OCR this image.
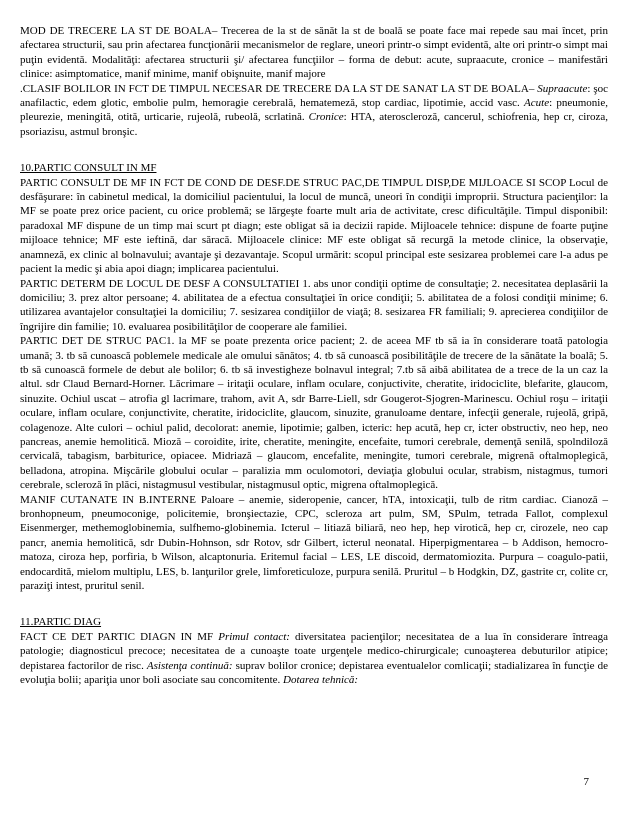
MOD DE TRECERE LA ST DE BOALA– Trecerea de la st de sănăt la st de boală se poate face mai repede sau mai încet, prin afectarea structurii, sau prin afectarea funcţionării mecanismelor de reglare, uneori printr-o simpt evidentă, alte ori printr-o simpt mai puţin evidentă. Modalităţi: afectarea structurii şi/ afectarea funcţiilor – forma de debut: acute, supraacute, cronice – manifestări clinice: asimptomatice, manif minime, manif obişnuite, manif majore

.CLASIF BOLILOR IN FCT DE TIMPUL NECESAR DE TRECERE DA LA ST DE SANAT LA ST DE BOALA– Supraacute: şoc anafilactic, edem glotic, embolie pulm, hemoragie cerebrală, hematemeză, stop cardiac, lipotimie, accid vasc. Acute: pneumonie, pleurezie, meningită, otită, urticarie, rujeolă, rubeolă, scrlatină. Cronice: HTA, ateroscleroză, cancerul, schiofrenia, hep cr, ciroza, psoriazisu, astmul bronşic.

10.PARTIC CONSULT IN MF

PARTIC CONSULT DE MF IN FCT DE COND DE DESF.DE STRUC PAC,DE TIMPUL DISP,DE MIJLOACE SI SCOP Locul de desfăşurare: în cabinetul medical, la domiciliul pacientului, la locul de muncă, uneori în condiţii improprii. Structura pacienţilor: la MF se poate prez orice pacient, cu orice problemă; se lărgeşte foarte mult aria de activitate, cresc dificultăţile. Timpul disponibil: paradoxal MF dispune de un timp mai scurt pt diagn; este obligat să ia decizii rapide. Mijloacele tehnice: dispune de foarte puţine mijloace tehnice; MF este ieftină, dar săracă. Mijloacele clinice: MF este obligat să recurgă la metode clinice, la observaţie, anamneză, ex clinic al bolnavului; avantaje şi dezavantaje. Scopul urmărit: scopul principal este sesizarea problemei care l-a adus pe pacient la medic şi abia apoi diagn; implicarea pacientului.

PARTIC DETERM DE LOCUL DE DESF A CONSULTATIEI 1. abs unor condiţii optime de consultaţie; 2. necesitatea deplasării la domiciliu; 3. prez altor persoane; 4. abilitatea de a efectua consultaţiei în orice condiţii; 5. abilitatea de a folosi condiţii minime; 6. utilizarea avantajelor consultaţiei la domiciliu; 7. sesizarea condiţiilor de viaţă; 8. sesizarea FR familiali; 9. aprecierea condiţiilor de îngrijire din familie; 10. evaluarea posibilităţilor de cooperare ale familiei.

PARTIC DET DE STRUC PAC1. la MF se poate prezenta orice pacient; 2. de aceea MF tb să ia în considerare toată patologia umană; 3. tb să cunoască poblemele medicale ale omului sănătos; 4. tb să cunoască posibilităţile de trecere de la sănătate la boală; 5. tb să cunoască formele de debut ale bolilor; 6. tb să investigheze bolnavul integral; 7.tb să aibă abilitatea de a trece de la un caz la altul. sdr Claud Bernard-Horner. Lăcrimare – iritaţii oculare, inflam oculare, conjuctivite, cheratite, iridociclite, blefarite, glaucom, sinuzite. Ochiul uscat – atrofia gl lacrimare, trahom, avit A, sdr Barre-Liell, sdr Gougerot-Sjogren-Marinescu. Ochiul roşu – iritaţii oculare, inflam oculare, conjunctivite, cheratite, iridociclite, glaucom, sinuzite, granuloame dentare, infecţii generale, rujeolă, gripă, colagenoze. Alte culori – ochiul palid, decolorat: anemie, lipotimie; galben, icteric: hep acută, hep cr, icter obstructiv, neo hep, neo pancreas, anemie hemolitică. Mioză – coroidite, irite, cheratite, meningite, encefaite, tumori cerebrale, demenţă senilă, spolndiloză cervicală, tabagism, barbiturice, opiacee. Midriază – glaucom, encefalite, meningite, tumori cerebrale, migrenă oftalmoplegică, belladona, atropina. Mişcările globului ocular – paralizia mm oculomotori, deviaţia globului ocular, strabism, nistagmus, tumori cerebrale, scleroză în plăci, nistagmusul vestibular, nistagmusul optic, migrena oftalmoplegică.

MANIF CUTANATE IN B.INTERNE Paloare – anemie, sideropenie, cancer, hTA, intoxicaţii, tulb de ritm cardiac. Cianoză – bronhopneum, pneumoconige, policitemie, bronşiectazie, CPC, scleroza art pulm, SM, SPulm, tetrada Fallot, complexul Eisenmerger, methemoglobinemia, sulfhemo-globinemia. Icterul – litiază biliară, neo hep, hep virotică, hep cr, cirozele, neo cap pancr, anemia hemolitică, sdr Dubin-Hohnson, sdr Rotov, sdr Gilbert, icterul neonatal. Hiperpigmentarea – b Addison, hemocro-matoza, ciroza hep, porfiria, b Wilson, alcaptonuria. Eritemul facial – LES, LE discoid, dermatomiozita. Purpura – coagulo-patii, endocardită, mielom multiplu, LES, b. lanţurilor grele, limforeticuloze, purpura senilă. Pruritul – b Hodgkin, DZ, gastrite cr, colite cr, paraziţi intest, pruritul senil.

11.PARTIC DIAG

FACT CE DET PARTIC DIAGN IN MF Primul contact: diversitatea pacienţilor; necesitatea de a lua în considerare întreaga patologie; diagnosticul precoce; necesitatea de a cunoaşte toate urgenţele medico-chirurgicale; cunoaşterea debuturilor atipice; depistarea factorilor de risc. Asistenţa continuă: suprav bolilor cronice; depistarea eventualelor comlicaţii; stadializarea în funcţie de evoluţia bolii; apariţia unor boli asociate sau concomitente. Dotarea tehnică:

7
